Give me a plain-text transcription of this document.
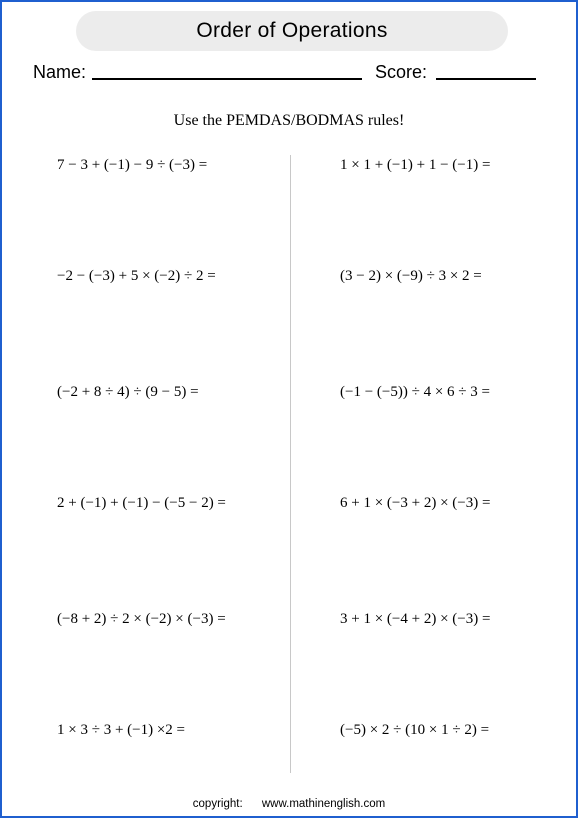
Order of Operations
Name:	Score:
Use the PEMDAS/BODMAS rules!
7 − 3 + (−1) − 9 ÷ (−3) =
−2 − (−3) + 5 × (−2) ÷ 2 =
(−2 + 8 ÷ 4) ÷ (9 − 5) =
2 + (−1) + (−1) − (−5 − 2) =
(−8 + 2) ÷ 2 × (−2) × (−3) =
1 × 3 ÷ 3 + (−1) ×2 =
1 × 1 + (−1) + 1 − (−1) =
(3 − 2) × (−9) ÷ 3 × 2 =
(−1 − (−5)) ÷ 4 × 6 ÷ 3 =
6 + 1 × (−3 + 2) × (−3) =
3 + 1 × (−4 + 2) × (−3) =
(−5) × 2 ÷ (10 × 1 ÷ 2) =
copyright: www.mathinenglish.com
